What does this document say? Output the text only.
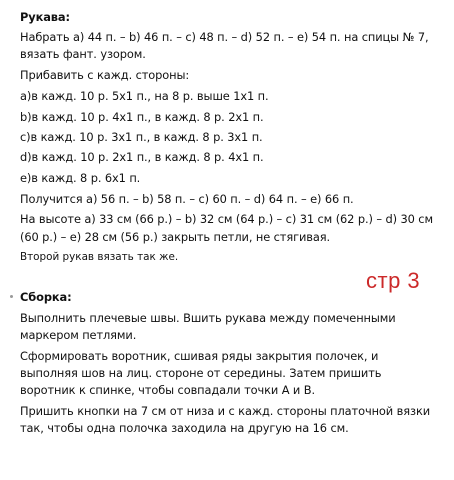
Рукава:
Набрать а) 44 п. – b) 46 п. – с) 48 п. – d) 52 п. – е) 54 п. на спицы № 7,
вязать фант. узором.
Прибавить с кажд. стороны:
а)в кажд. 10 р. 5х1 п., на 8 р. выше 1х1 п.
b)в кажд. 10 р. 4х1 п., в кажд. 8 р. 2х1 п.
с)в кажд. 10 р. 3х1 п., в кажд. 8 р. 3х1 п.
d)в кажд. 10 р. 2х1 п., в кажд. 8 р. 4х1 п.
е)в кажд. 8 р. 6х1 п.
Получится а) 56 п. – b) 58 п. – с) 60 п. – d) 64 п. – е) 66 п.
На высоте а) 33 см (66 р.) – b) 32 см (64 р.) – с) 31 см (62 р.) – d) 30 см
(60 р.) – е) 28 см (56 р.) закрыть петли, не стягивая.
Второй рукав вязать так же.
стр 3
Сборка:
Выполнить плечевые швы. Вшить рукава между помеченными
маркером петлями.
Сформировать воротник, сшивая ряды закрытия полочек, и
выполняя шов на лиц. стороне от середины. Затем пришить
воротник к спинке, чтобы совпадали точки А и В.
Пришить кнопки на 7 см от низа и с кажд. стороны платочной вязки
так, чтобы одна полочка заходила на другую на 16 см.
